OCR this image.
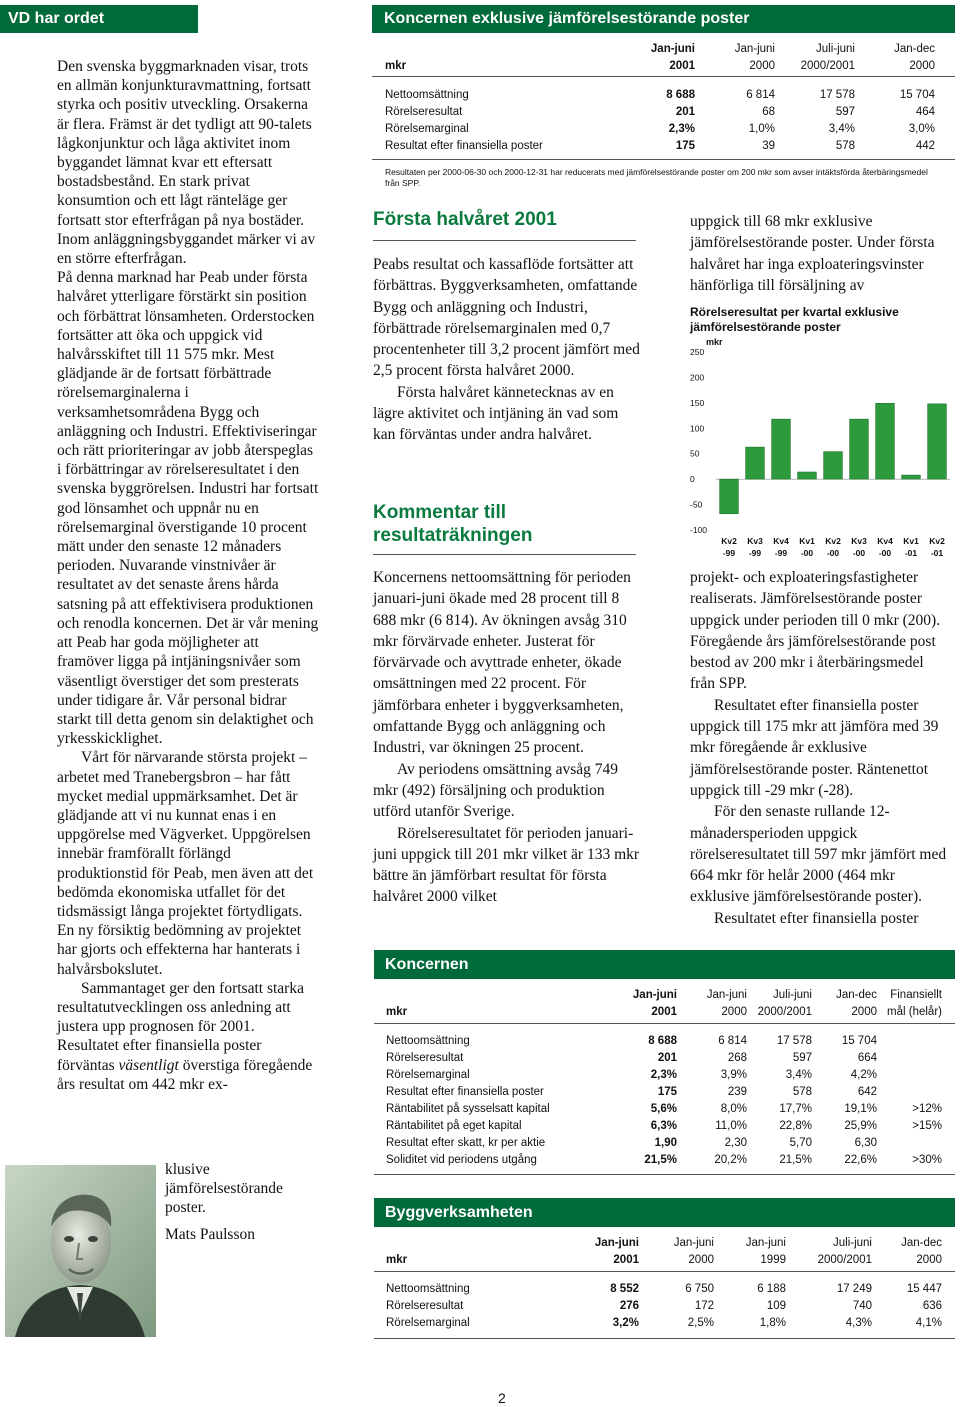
VD har ordet

Den svenska byggmarknaden visar, trots en allmän konjunkturavmattning, fortsatt styrka och positiv utveckling. Orsakerna är flera. Främst är det tydligt att 90-talets lågkonjunktur och låga aktivitet inom byggandet lämnat kvar ett eftersatt bostadsbestånd. En stark privat konsumtion och ett lågt ränteläge ger fortsatt stor efterfrågan på nya bostäder. Inom anläggningsbyggandet märker vi av en större efterfrågan.

På denna marknad har Peab under första halvåret ytterligare förstärkt sin position och förbättrat lönsamheten. Orderstocken fortsätter att öka och uppgick vid halvårsskiftet till 11 575 mkr. Mest glädjande är de fortsatt förbättrade rörelsemarginalerna i verksamhetsområdena Bygg och anläggning och Industri. Effektiviseringar och rätt prioriteringar av jobb återspeglas i förbättringar av rörelseresultatet i den svenska byggrörelsen. Industri har fortsatt god lönsamhet och uppnår nu en rörelsemarginal överstigande 10 procent mätt under den senaste 12 månaders perioden. Nuvarande vinstnivåer är resultatet av det senaste årens hårda satsning på att effektivisera produktionen och renodla koncernen. Det är vår mening att Peab har goda möjligheter att framöver ligga på intjäningsnivåer som väsentligt överstiger det som presterats under tidigare år. Vår personal bidrar starkt till detta genom sin delaktighet och yrkesskicklighet.

Vårt för närvarande största projekt – arbetet med Tranebergsbron – har fått mycket medial uppmärksamhet. Det är glädjande att vi nu kunnat enas i en uppgörelse med Vägverket. Uppgörelsen innebär framförallt förlängd produktionstid för Peab, men även att det bedömda ekonomiska utfallet för det tidsmässigt långa projektet förtydligats. En ny försiktig bedömning av projektet har gjorts och effekterna har hanterats i halvårsbokslutet.

Sammantaget ger den fortsatt starka resultatutvecklingen oss anledning att justera upp prognosen för 2001. Resultatet efter finansiella poster förväntas väsentligt överstiga föregående års resultat om 442 mkr ex-

klusive jämförelsestörande poster.
Mats Paulsson
Koncernen exklusive jämförelsestörande poster
	Jan-juni	Jan-juni	Juli-juni	Jan-dec
mkr	2001	2000	2000/2001	2000
Nettoomsättning	8 688	6 814	17 578	15 704
Rörelseresultat	201	68	597	464
Rörelsemarginal	2,3%	1,0%	3,4%	3,0%
Resultat efter finansiella poster	175	39	578	442
Resultaten per 2000-06-30 och 2000-12-31 har reducerats med jämförelsestörande poster om 200 mkr som avser intäktsförda återbäringsmedel från SPP.
Första halvåret 2001

Peabs resultat och kassaflöde fortsätter att förbättras. Byggverksamheten, omfattande Bygg och anläggning och Industri, förbättrade rörelsemarginalen med 0,7 procentenheter till 3,2 procent jämfört med 2,5 procent första halvåret 2000.

Första halvåret kännetecknas av en lägre aktivitet och intjäning än vad som kan förväntas under andra halvåret.

Kommentar till resultaträkningen

Koncernens nettoomsättning för perioden januari-juni ökade med 28 procent till 8 688 mkr (6 814). Av ökningen avsåg 310 mkr förvärvade enheter. Justerat för förvärvade och avyttrade enheter, ökade omsättningen med 22 procent. För jämförbara enheter i byggverksamheten, omfattande Bygg och anläggning och Industri, var ökningen 25 procent.

Av periodens omsättning avsåg 749 mkr (492) försäljning och produktion utförd utanför Sverige.

Rörelseresultatet för perioden januari-juni uppgick till 201 mkr vilket är 133 mkr bättre än jämförbart resultat för första halvåret 2000 vilket

uppgick till 68 mkr exklusive jämförelsestörande poster. Under första halvåret har inga exploateringsvinster hänförliga till försäljning av

Rörelseresultat per kvartal exklusive jämförelsestörande poster
mkr
250
200
150
100
50
0
-50
-100
Kv2
-99
Kv3
-99
Kv4
-99
Kv1
-00
Kv2
-00
Kv3
-00
Kv4
-00
Kv1
-01
Kv2
-01

projekt- och exploateringsfastigheter realiserats. Jämförelsestörande poster uppgick under perioden till 0 mkr (200). Föregående års jämförelsestörande post bestod av 200 mkr i återbäringsmedel från SPP.

Resultatet efter finansiella poster uppgick till 175 mkr att jämföra med 39 mkr föregående år exklusive jämförelsestörande poster. Räntenettot uppgick till -29 mkr (-28).

För den senaste rullande 12-månadersperioden uppgick rörelseresultatet till 597 mkr jämfört med 664 mkr för helår 2000 (464 mkr exklusive jämförelsestörande poster).

Resultatet efter finansiella poster

Koncernen
	Jan-juni	Jan-juni	Juli-juni	Jan-dec	Finansiellt
mkr	2001	2000	2000/2001	2000	mål (helår)
Nettoomsättning	8 688	6 814	17 578	15 704	
Rörelseresultat	201	268	597	664	
Rörelsemarginal	2,3%	3,9%	3,4%	4,2%	
Resultat efter finansiella poster	175	239	578	642	
Räntabilitet på sysselsatt kapital	5,6%	8,0%	17,7%	19,1%	>12%
Räntabilitet på eget kapital	6,3%	11,0%	22,8%	25,9%	>15%
Resultat efter skatt, kr per aktie	1,90	2,30	5,70	6,30	
Soliditet vid periodens utgång	21,5%	20,2%	21,5%	22,6%	>30%
Byggverksamheten
	Jan-juni	Jan-juni	Jan-juni	Juli-juni	Jan-dec
mkr	2001	2000	1999	2000/2001	2000
Nettoomsättning	8 552	6 750	6 188	17 249	15 447
Rörelseresultat	276	172	109	740	636
Rörelsemarginal	3,2%	2,5%	1,8%	4,3%	4,1%
2
